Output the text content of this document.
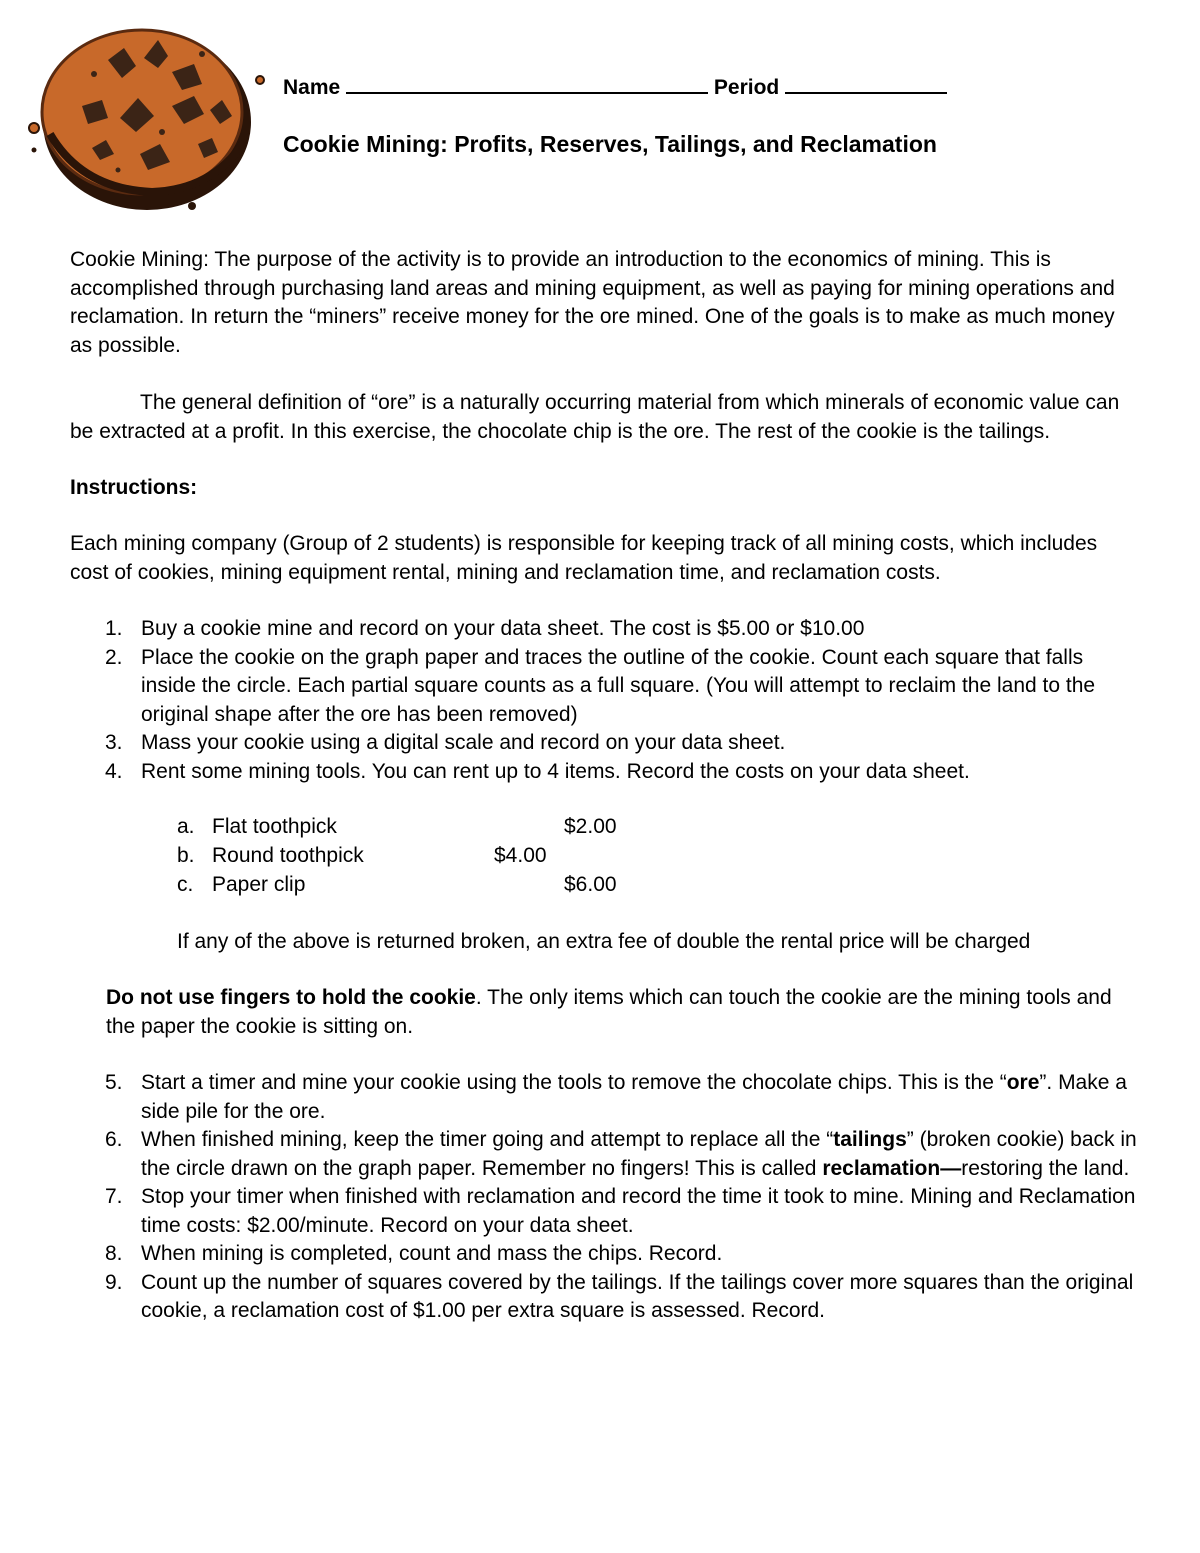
Name	Period
Cookie Mining: Profits, Reserves, Tailings, and Reclamation
Cookie Mining: The purpose of the activity is to provide an introduction to the economics of mining. This is accomplished through purchasing land areas and mining equipment, as well as paying for mining operations and reclamation. In return the “miners” receive money for the ore mined. One of the goals is to make as much money as possible.
The general definition of “ore” is a naturally occurring material from which minerals of economic value can be extracted at a profit. In this exercise, the chocolate chip is the ore. The rest of the cookie is the tailings.
Instructions:
Each mining company (Group of 2 students) is responsible for keeping track of all mining costs, which includes cost of cookies, mining equipment rental, mining and reclamation time, and reclamation costs.
1. Buy a cookie mine and record on your data sheet. The cost is $5.00 or $10.00
2. Place the cookie on the graph paper and traces the outline of the cookie. Count each square that falls inside the circle. Each partial square counts as a full square. (You will attempt to reclaim the land to the original shape after the ore has been removed)
3. Mass your cookie using a digital scale and record on your data sheet.
4. Rent some mining tools. You can rent up to 4 items. Record the costs on your data sheet.
a. Flat toothpick	$2.00
b. Round toothpick	$4.00
c. Paper clip	$6.00
If any of the above is returned broken, an extra fee of double the rental price will be charged
Do not use fingers to hold the cookie. The only items which can touch the cookie are the mining tools and the paper the cookie is sitting on.
5. Start a timer and mine your cookie using the tools to remove the chocolate chips. This is the “ore”. Make a side pile for the ore.
6. When finished mining, keep the timer going and attempt to replace all the “tailings” (broken cookie) back in the circle drawn on the graph paper. Remember no fingers! This is called reclamation—restoring the land.
7. Stop your timer when finished with reclamation and record the time it took to mine. Mining and Reclamation time costs: $2.00/minute. Record on your data sheet.
8. When mining is completed, count and mass the chips. Record.
9. Count up the number of squares covered by the tailings. If the tailings cover more squares than the original cookie, a reclamation cost of $1.00 per extra square is assessed. Record.
